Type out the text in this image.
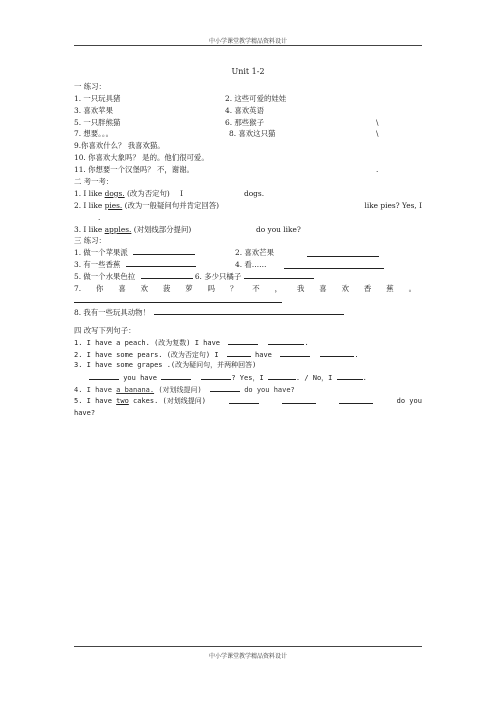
中小学课堂教学精品资料设计
Unit 1-2
一 练习：
1. 一只玩具猪	2. 这些可爱的娃娃
3. 喜欢苹果	4. 喜欢英语
5. 一只胖熊猫	6. 那些猴子	\
7. 想要。。。	8. 喜欢这只猫	\
9.你喜欢什么？ 我喜欢猫。
10. 你喜欢大象吗？ 是的。他们很可爱。
11. 你想要一个汉堡吗？ 不，谢谢。	.
二 考一考：
1. I like dogs. (改为否定句) I	dogs.
2. I like pies. (改为一般疑问句并肯定回答)	like pies? Yes, I
.
3. I like apples. (对划线部分提问)	do you like?
三 练习：
1. 做一个苹果派	2. 喜欢芒果
3. 有一些香蕉	4. 看……
5. 做一个水果色拉	6. 多少只橘子
7. 你 喜 欢 菠 萝 吗 ？ 不 ， 我 喜 欢 香 蕉 。
8. 我有一些玩具动物！
四 改写下列句子：
1. I have a peach. (改为复数) I have	.
2. I have some pears. (改为否定句) I	have	.
3. I have some grapes .(改为疑问句，并两种回答)
you have	? Yes，I	. / No，I	.
4. I have a banana. (对划线提问)	do you have?
5. I have two cakes. (对划线提问)	do you
have?
中小学课堂教学精品资料设计
